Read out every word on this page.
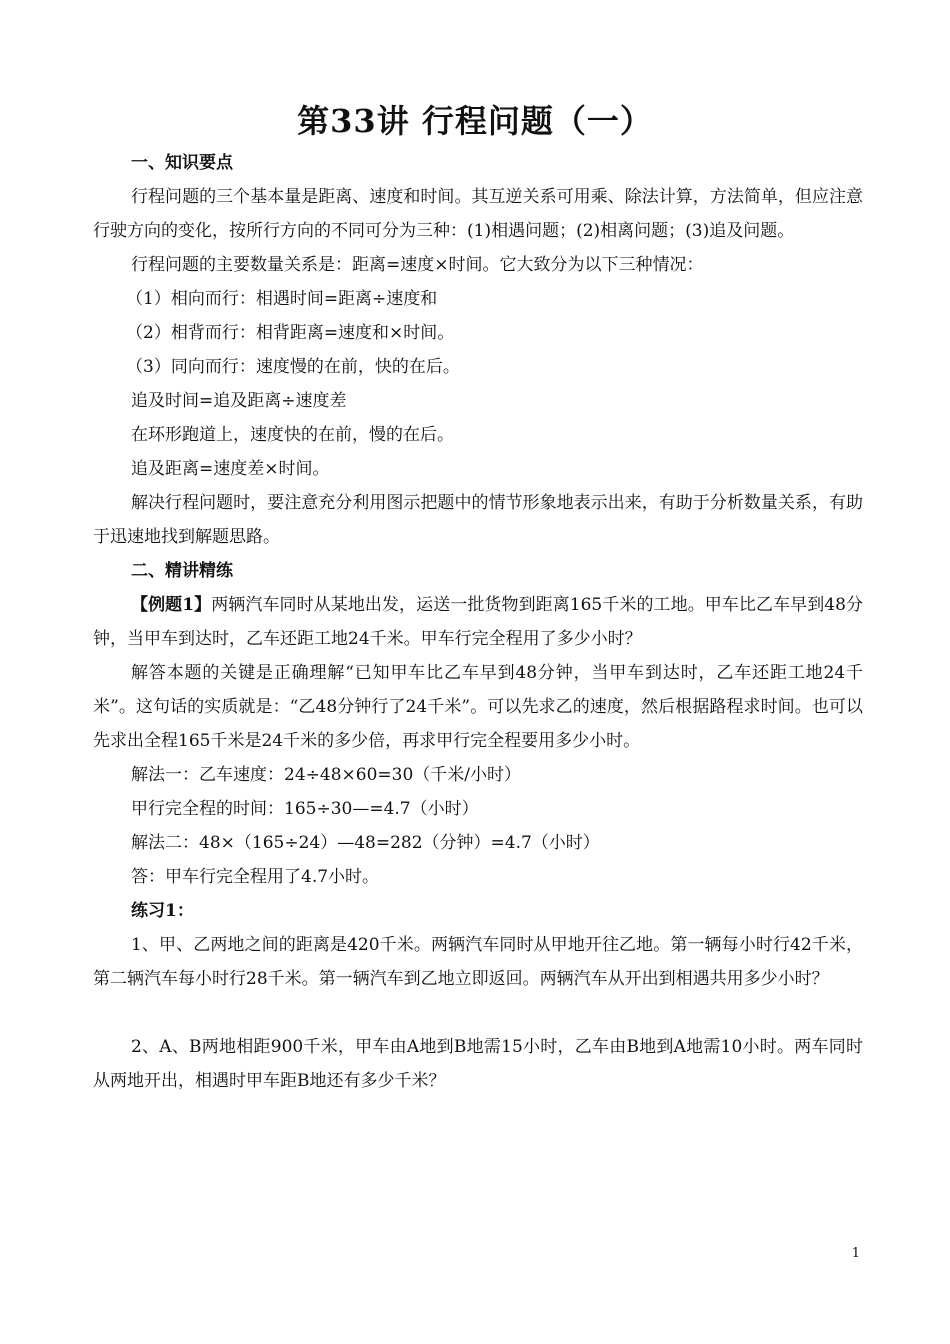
第33讲 行程问题（一）

一、知识要点

行程问题的三个基本量是距离、速度和时间。其互逆关系可用乘、除法计算，方法简单，但应注意行驶方向的变化，按所行方向的不同可分为三种：(1)相遇问题；(2)相离问题；(3)追及问题。

行程问题的主要数量关系是：距离=速度×时间。它大致分为以下三种情况：

（1）相向而行：相遇时间=距离÷速度和

（2）相背而行：相背距离=速度和×时间。

（3）同向而行：速度慢的在前，快的在后。

追及时间=追及距离÷速度差

在环形跑道上，速度快的在前，慢的在后。

追及距离=速度差×时间。

解决行程问题时，要注意充分利用图示把题中的情节形象地表示出来，有助于分析数量关系，有助于迅速地找到解题思路。

二、精讲精练

【例题1】两辆汽车同时从某地出发，运送一批货物到距离165千米的工地。甲车比乙车早到48分钟，当甲车到达时，乙车还距工地24千米。甲车行完全程用了多少小时？

解答本题的关键是正确理解“已知甲车比乙车早到48分钟，当甲车到达时，乙车还距工地24千米”。这句话的实质就是：“乙48分钟行了24千米”。可以先求乙的速度，然后根据路程求时间。也可以先求出全程165千米是24千米的多少倍，再求甲行完全程要用多少小时。

解法一：乙车速度：24÷48×60=30（千米/小时）

甲行完全程的时间：165÷30—=4.7（小时）

解法二：48×（165÷24）—48=282（分钟）=4.7（小时）

答：甲车行完全程用了4.7小时。

练习1：

1、甲、乙两地之间的距离是420千米。两辆汽车同时从甲地开往乙地。第一辆每小时行42千米，第二辆汽车每小时行28千米。第一辆汽车到乙地立即返回。两辆汽车从开出到相遇共用多少小时？

2、A、B两地相距900千米，甲车由A地到B地需15小时，乙车由B地到A地需10小时。两车同时从两地开出，相遇时甲车距B地还有多少千米？

1
